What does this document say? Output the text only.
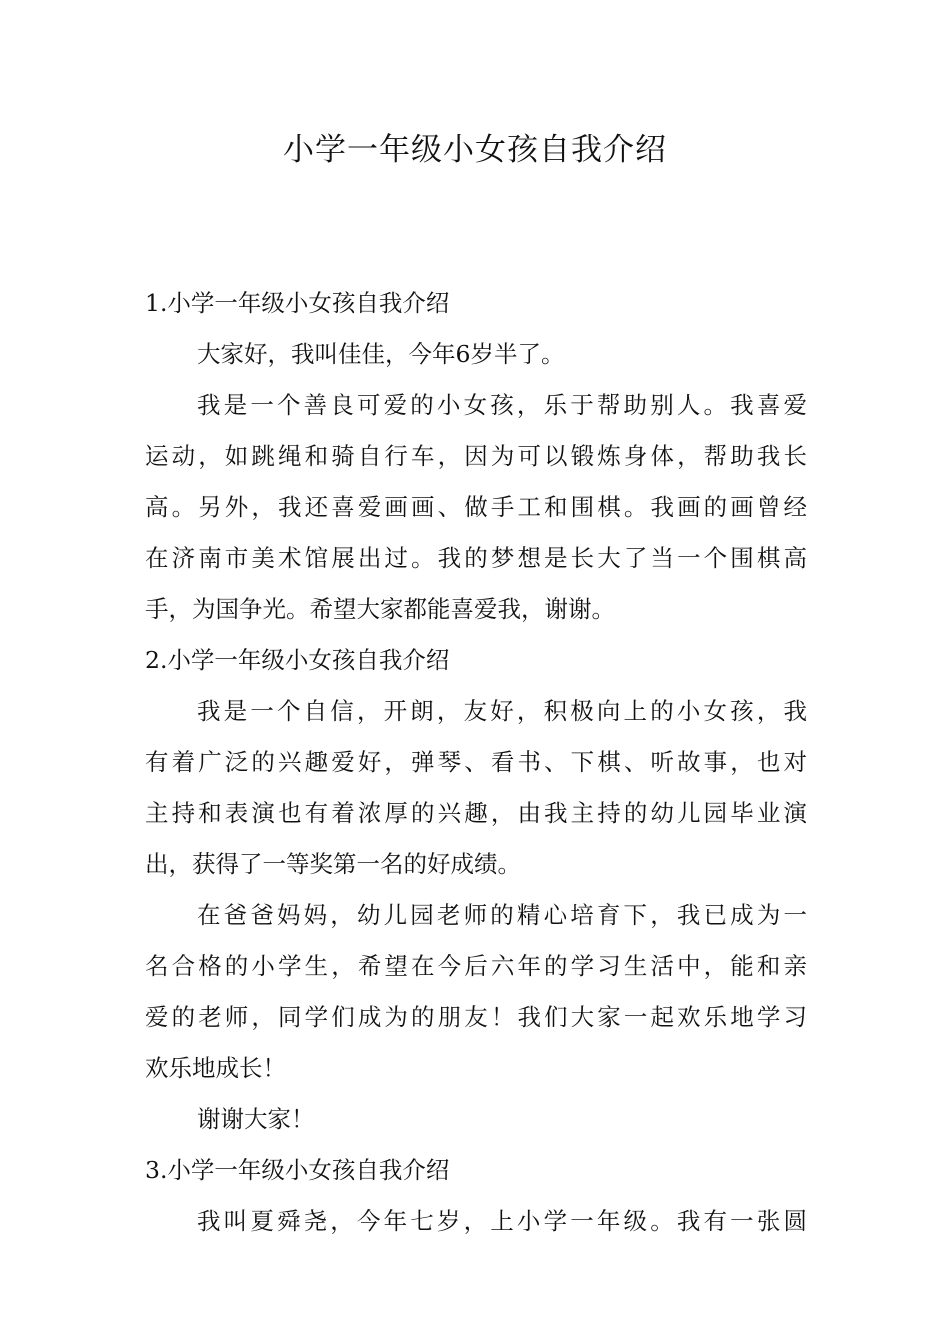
小学一年级小女孩自我介绍
1.小学一年级小女孩自我介绍
大家好，我叫佳佳，今年6岁半了。
我是一个善良可爱的小女孩，乐于帮助别人。我喜爱
运动，如跳绳和骑自行车，因为可以锻炼身体，帮助我长
高。另外，我还喜爱画画、做手工和围棋。我画的画曾经
在济南市美术馆展出过。我的梦想是长大了当一个围棋高
手，为国争光。希望大家都能喜爱我，谢谢。
2.小学一年级小女孩自我介绍
我是一个自信，开朗，友好，积极向上的小女孩，我
有着广泛的兴趣爱好，弹琴、看书、下棋、听故事，也对
主持和表演也有着浓厚的兴趣，由我主持的幼儿园毕业演
出，获得了一等奖第一名的好成绩。
在爸爸妈妈，幼儿园老师的精心培育下，我已成为一
名合格的小学生，希望在今后六年的学习生活中，能和亲
爱的老师，同学们成为的朋友！我们大家一起欢乐地学习
欢乐地成长！
谢谢大家！
3.小学一年级小女孩自我介绍
我叫夏舜尧，今年七岁，上小学一年级。我有一张圆
